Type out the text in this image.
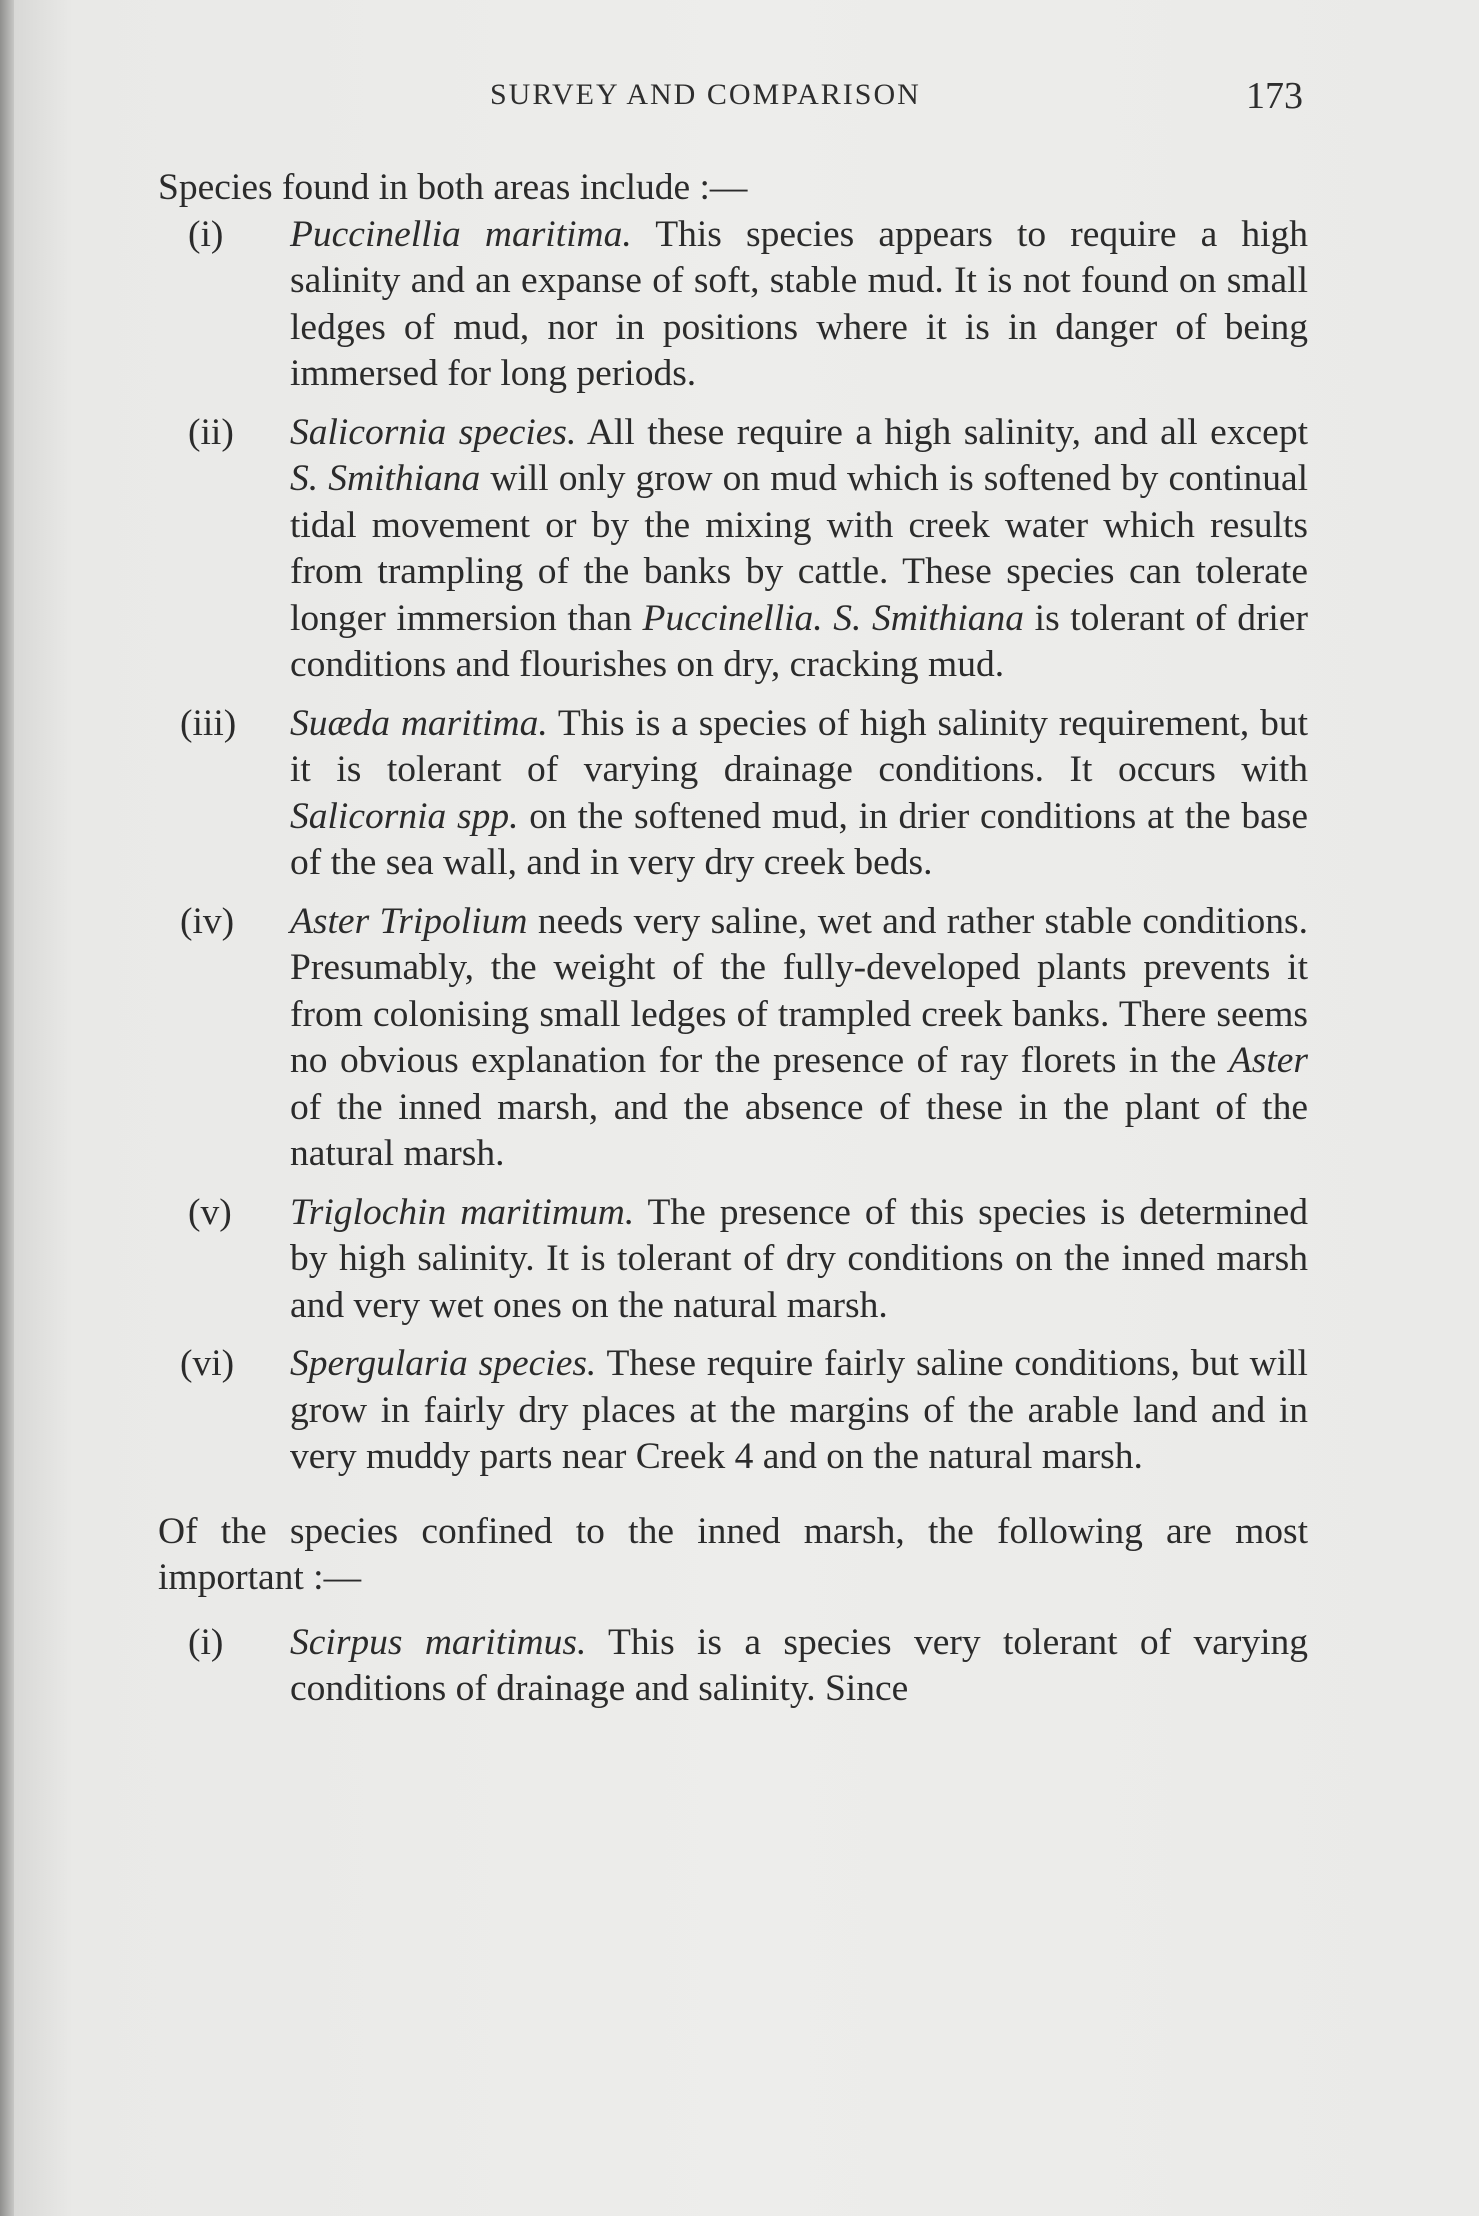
SURVEY AND COMPARISON	173

Species found in both areas include :—

(i)	Puccinellia maritima. This species appears to require a high salinity and an expanse of soft, stable mud. It is not found on small ledges of mud, nor in positions where it is in danger of being immersed for long periods.
(ii)	Salicornia species. All these require a high salinity, and all except S. Smithiana will only grow on mud which is softened by continual tidal movement or by the mixing with creek water which results from trampling of the banks by cattle. These species can tolerate longer immersion than Puccinellia. S. Smithiana is tolerant of drier conditions and flourishes on dry, cracking mud.
(iii)	Suæda maritima. This is a species of high salinity requirement, but it is tolerant of varying drainage conditions. It occurs with Salicornia spp. on the softened mud, in drier conditions at the base of the sea wall, and in very dry creek beds.
(iv)	Aster Tripolium needs very saline, wet and rather stable conditions. Presumably, the weight of the fully-developed plants prevents it from colonising small ledges of trampled creek banks. There seems no obvious explanation for the presence of ray florets in the Aster of the inned marsh, and the absence of these in the plant of the natural marsh.
(v)	Triglochin maritimum. The presence of this species is determined by high salinity. It is tolerant of dry conditions on the inned marsh and very wet ones on the natural marsh.
(vi)	Spergularia species. These require fairly saline conditions, but will grow in fairly dry places at the margins of the arable land and in very muddy parts near Creek 4 and on the natural marsh.

Of the species confined to the inned marsh, the following are most important :—

(i)	Scirpus maritimus. This is a species very tolerant of varying conditions of drainage and salinity. Since
